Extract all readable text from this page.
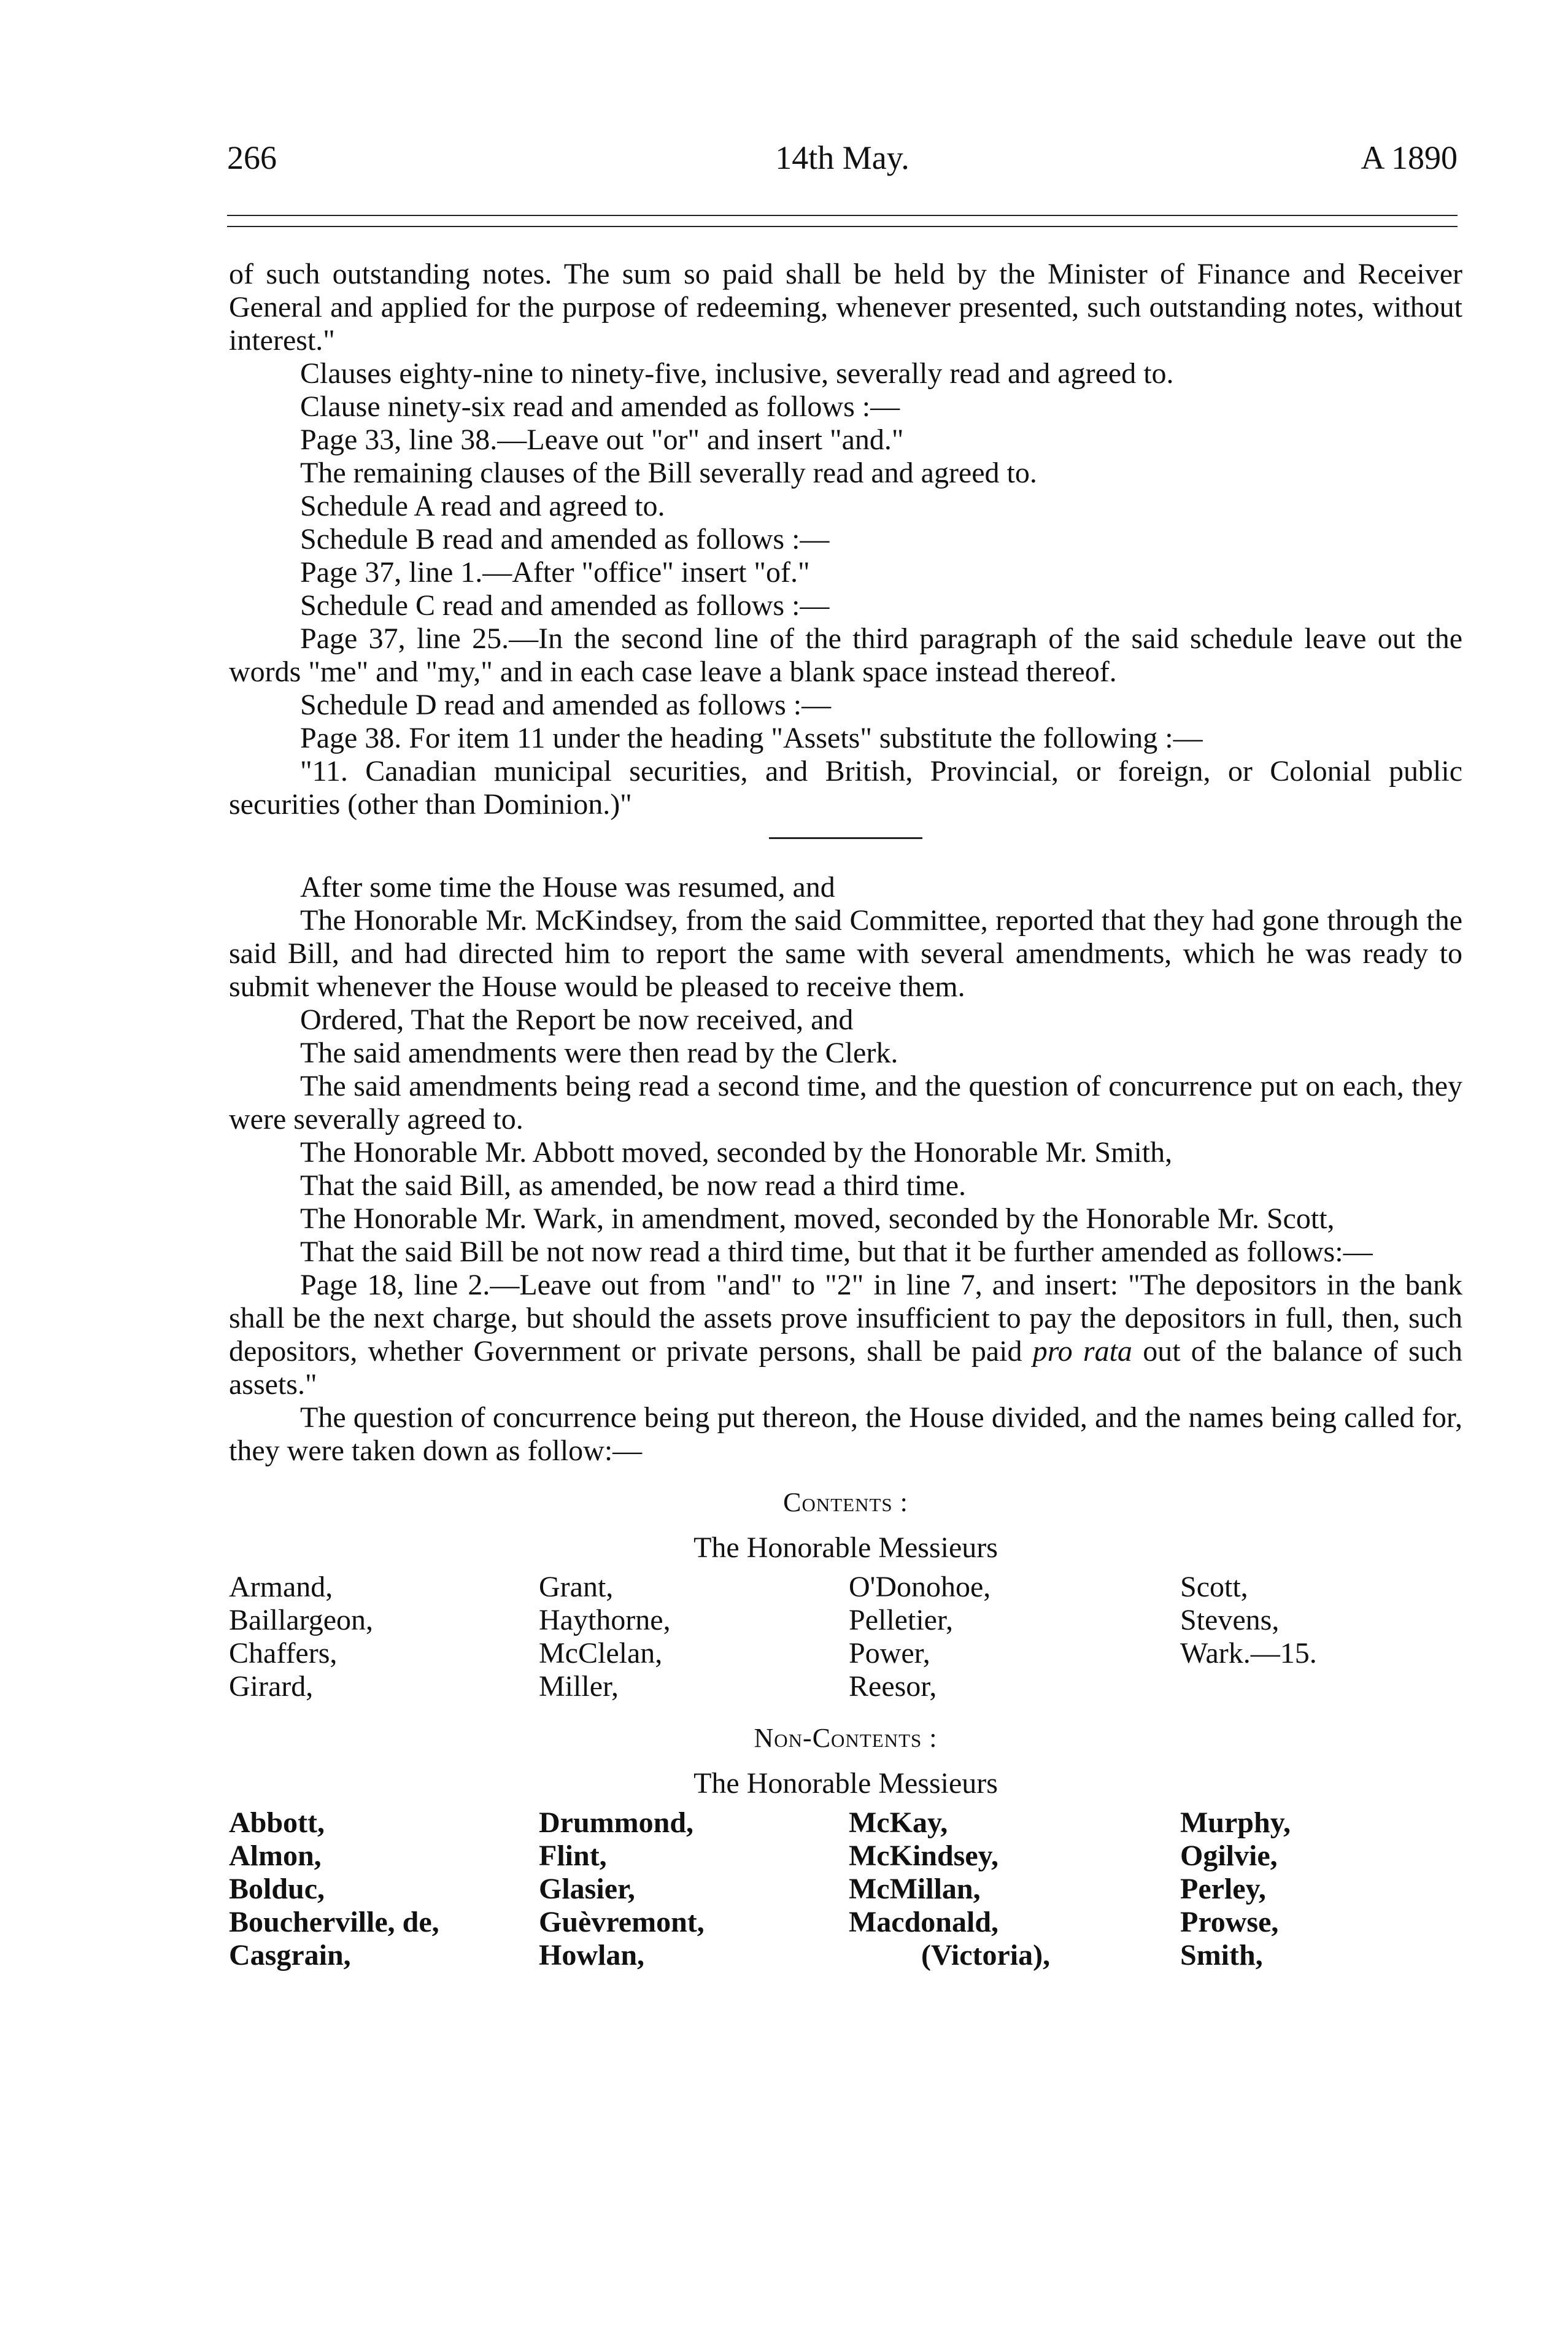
266	14th May.	A 1890

of such outstanding notes. The sum so paid shall be held by the Minister of Finance and Receiver General and applied for the purpose of redeeming, whenever presented, such outstanding notes, without interest."

Clauses eighty-nine to ninety-five, inclusive, severally read and agreed to.

Clause ninety-six read and amended as follows :—

Page 33, line 38.—Leave out "or" and insert "and."

The remaining clauses of the Bill severally read and agreed to.

Schedule A read and agreed to.

Schedule B read and amended as follows :—

Page 37, line 1.—After "office" insert "of."

Schedule C read and amended as follows :—

Page 37, line 25.—In the second line of the third paragraph of the said schedule leave out the words "me" and "my," and in each case leave a blank space instead thereof.

Schedule D read and amended as follows :—

Page 38. For item 11 under the heading "Assets" substitute the following :—

"11. Canadian municipal securities, and British, Provincial, or foreign, or Colonial public securities (other than Dominion.)"

After some time the House was resumed, and

The Honorable Mr. McKindsey, from the said Committee, reported that they had gone through the said Bill, and had directed him to report the same with several amendments, which he was ready to submit whenever the House would be pleased to receive them.

Ordered, That the Report be now received, and

The said amendments were then read by the Clerk.

The said amendments being read a second time, and the question of concurrence put on each, they were severally agreed to.

The Honorable Mr. Abbott moved, seconded by the Honorable Mr. Smith,

That the said Bill, as amended, be now read a third time.

The Honorable Mr. Wark, in amendment, moved, seconded by the Honorable Mr. Scott,

That the said Bill be not now read a third time, but that it be further amended as follows:—

Page 18, line 2.—Leave out from "and" to "2" in line 7, and insert: "The depositors in the bank shall be the next charge, but should the assets prove insufficient to pay the depositors in full, then, such depositors, whether Government or private persons, shall be paid pro rata out of the balance of such assets."

The question of concurrence being put thereon, the House divided, and the names being called for, they were taken down as follow:—

Contents :
The Honorable Messieurs
Armand,
Baillargeon,
Chaffers,
Girard,
Grant,
Haythorne,
McClelan,
Miller,
O'Donohoe,
Pelletier,
Power,
Reesor,
Scott,
Stevens,
Wark.—15.
Non-Contents :
The Honorable Messieurs
Abbott,
Almon,
Bolduc,
Boucherville, de,
Casgrain,
Drummond,
Flint,
Glasier,
Guèvremont,
Howlan,
McKay,
McKindsey,
McMillan,
Macdonald,
(Victoria),
Murphy,
Ogilvie,
Perley,
Prowse,
Smith,
